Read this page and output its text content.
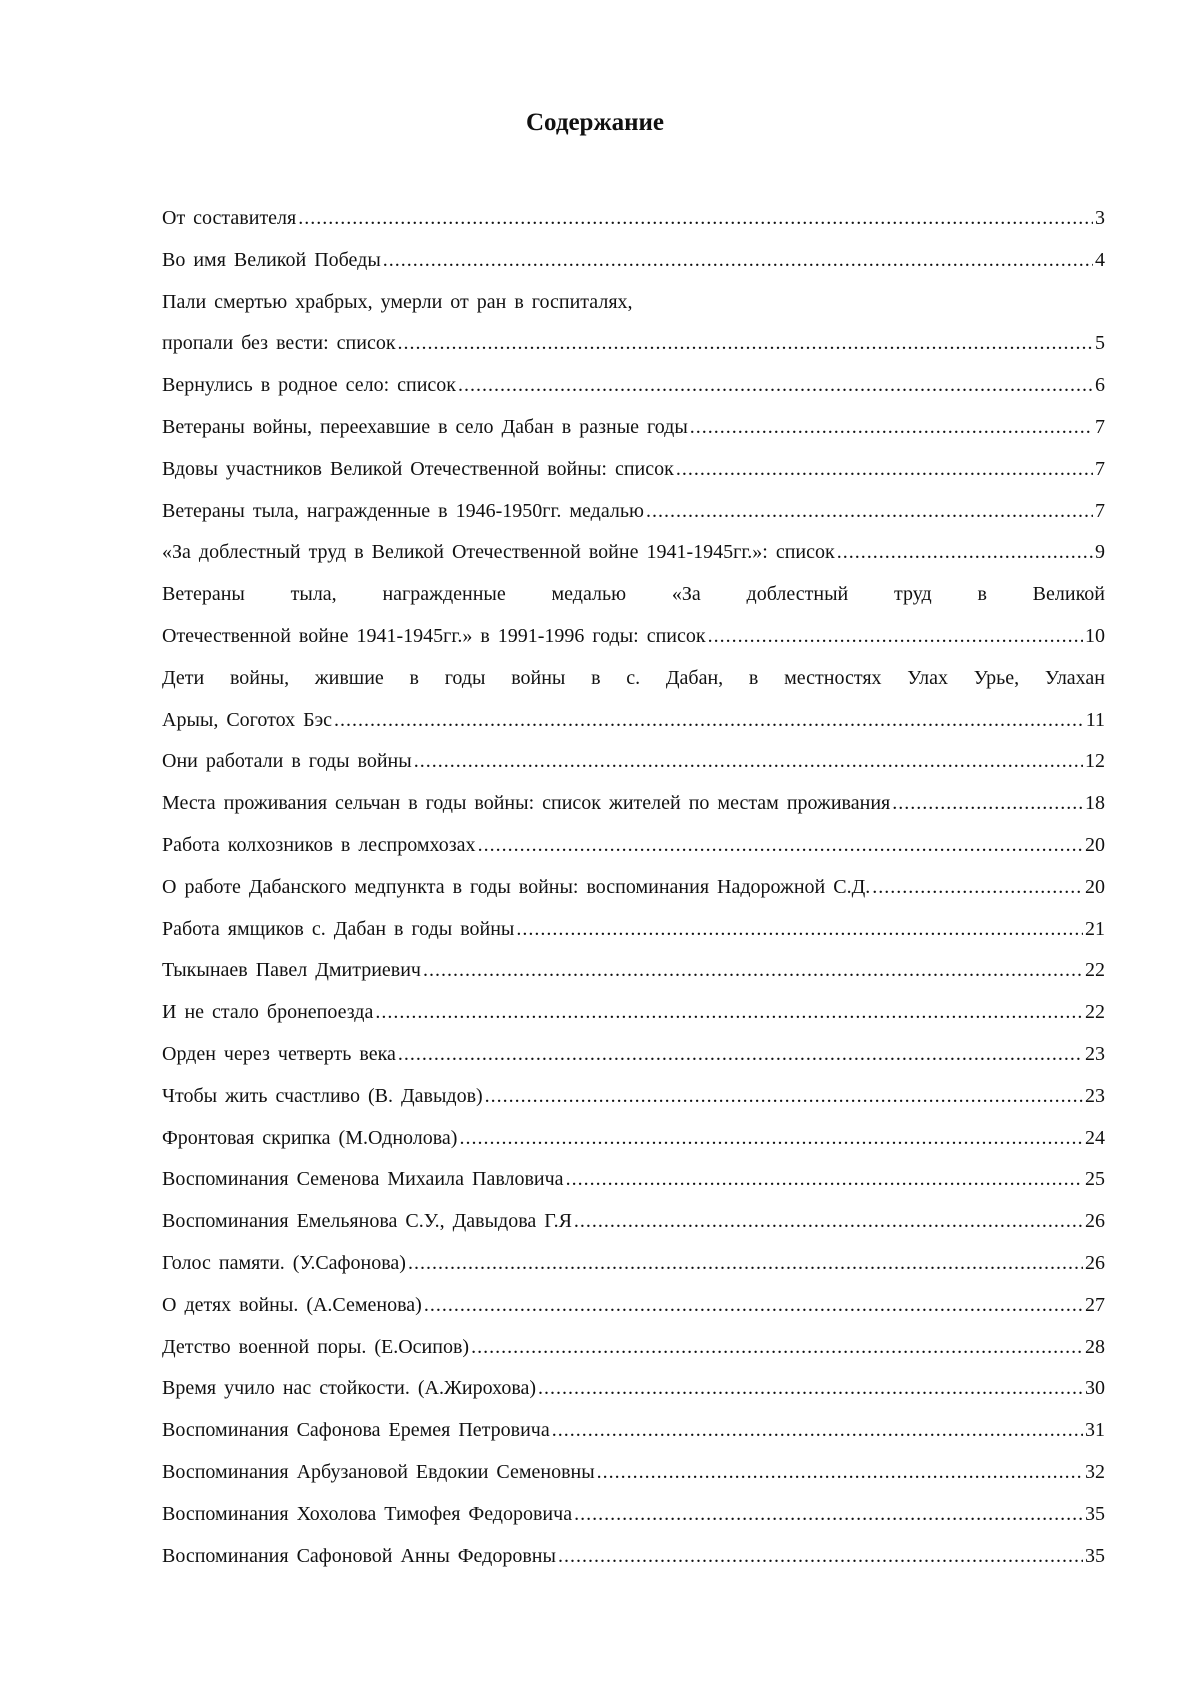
Содержание
От составителя .....	3
Во имя Великой Победы .....	4
Пали смертью храбрых, умерли от ран в госпиталях,
пропали без вести: список .....	5
Вернулись в родное село: список .....	6
Ветераны войны, переехавшие в село Дабан в разные годы .....	7
Вдовы участников Великой Отечественной войны: список .....	7
Ветераны тыла, награжденные в 1946-1950гг. медалью .....	7
«За доблестный труд в Великой Отечественной войне 1941-1945гг.»: список .....	9
Ветераны тыла, награжденные медалью «За доблестный труд в Великой
Отечественной войне 1941-1945гг.» в 1991-1996 годы: список .....	10
Дети войны, жившие в годы войны в с. Дабан, в местностях Улах Урье, Улахан
Арыы, Соготох Бэс .....	11
Они работали в годы войны .....	12
Места проживания сельчан в годы войны: список жителей по местам проживания .....	18
Работа колхозников в леспромхозах .....	20
О работе Дабанского медпункта в годы войны: воспоминания Надорожной С.Д. .....	20
Работа ямщиков с. Дабан в годы войны .....	21
Тыкынаев Павел Дмитриевич .....	22
И не стало бронепоезда .....	22
Орден через четверть века .....	23
Чтобы жить счастливо (В. Давыдов) .....	23
Фронтовая скрипка (М.Однолова) .....	24
Воспоминания Семенова Михаила Павловича .....	25
Воспоминания Емельянова С.У., Давыдова Г.Я .....	26
Голос памяти. (У.Сафонова) .....	26
О детях войны. (А.Семенова) .....	27
Детство военной поры. (Е.Осипов) .....	28
Время учило нас стойкости. (А.Жирохова) .....	30
Воспоминания Сафонова Еремея Петровича .....	31
Воспоминания Арбузановой Евдокии Семеновны .....	32
Воспоминания Хохолова Тимофея Федоровича .....	35
Воспоминания Сафоновой Анны Федоровны .....	35
